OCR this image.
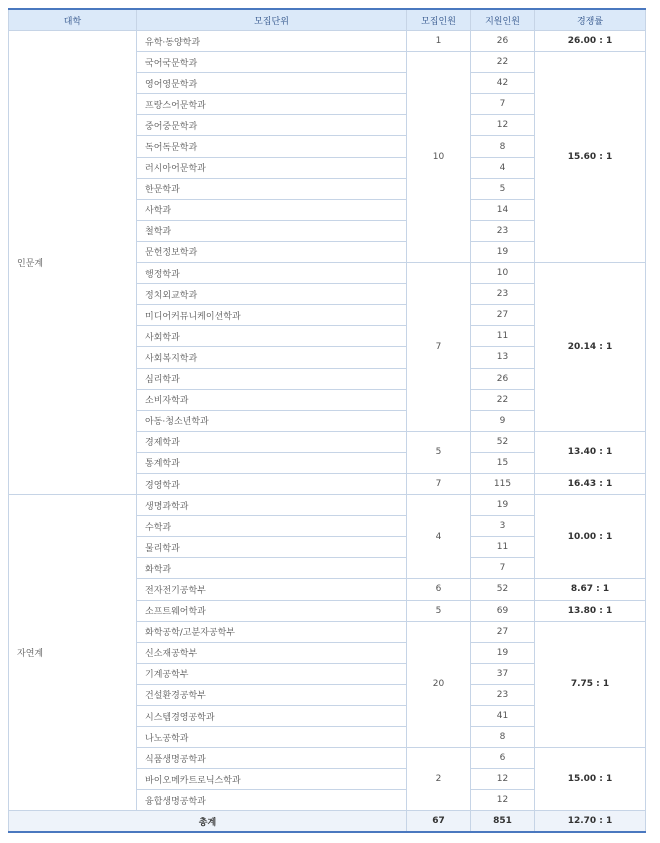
대학	모집단위	모집인원	지원인원	경쟁률
인문계	유학·동양학과	1	26	26.00 : 1
	국어국문학과	10	22	15.60 : 1
	영어영문학과		42	
	프랑스어문학과		7	
	중어중문학과		12	
	독어독문학과		8	
	러시아어문학과		4	
	한문학과		5	
	사학과		14	
	철학과		23	
	문헌정보학과		19	
	행정학과	7	10	20.14 : 1
	정치외교학과		23	
	미디어커뮤니케이션학과		27	
	사회학과		11	
	사회복지학과		13	
	심리학과		26	
	소비자학과		22	
	아동·청소년학과		9	
	경제학과	5	52	13.40 : 1
	통계학과		15	
	경영학과	7	115	16.43 : 1
자연계	생명과학과	4	19	10.00 : 1
	수학과		3	
	물리학과		11	
	화학과		7	
	전자전기공학부	6	52	8.67 : 1
	소프트웨어학과	5	69	13.80 : 1
	화학공학/고분자공학부	20	27	7.75 : 1
	신소재공학부		19	
	기계공학부		37	
	건설환경공학부		23	
	시스템경영공학과		41	
	나노공학과		8	
	식품생명공학과	2	6	15.00 : 1
	바이오메카트로닉스학과		12	
	융합생명공학과		12	
총계		67	851	12.70 : 1
